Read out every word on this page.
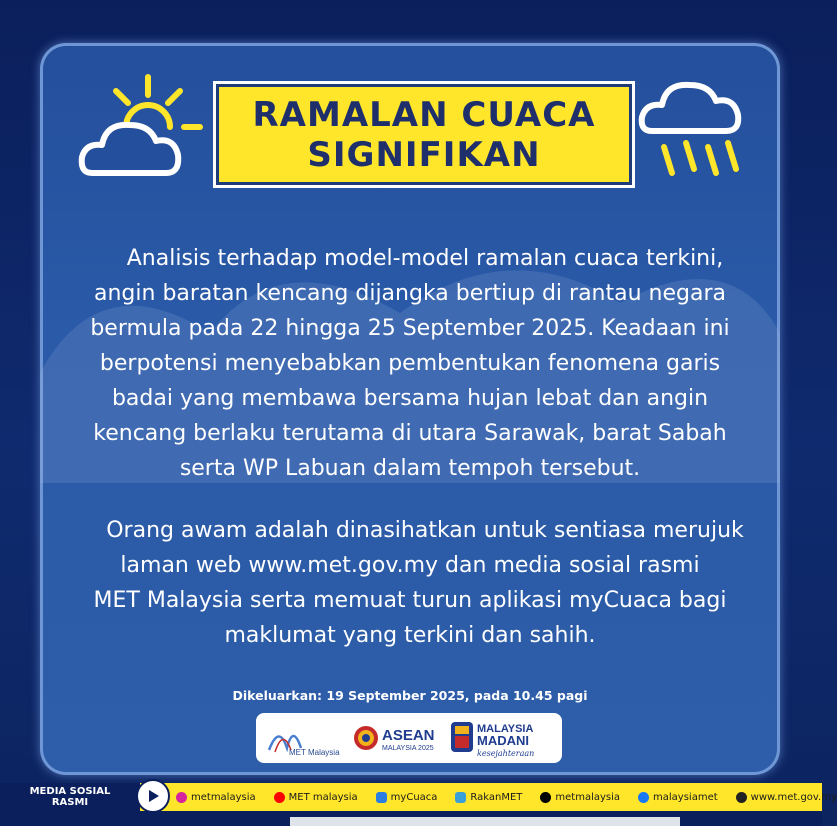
RAMALAN CUACA
SIGNIFIKAN
Analisis terhadap model-model ramalan cuaca terkini,
angin baratan kencang dijangka bertiup di rantau negara
bermula pada 22 hingga 25 September 2025. Keadaan ini
berpotensi menyebabkan pembentukan fenomena garis
badai yang membawa bersama hujan lebat dan angin
kencang berlaku terutama di utara Sarawak, barat Sabah
serta WP Labuan dalam tempoh tersebut.
Orang awam adalah dinasihatkan untuk sentiasa merujuk
laman web www.met.gov.my dan media sosial rasmi
MET Malaysia serta memuat turun aplikasi myCuaca bagi
maklumat yang terkini dan sahih.
Dikeluarkan: 19 September 2025, pada 10.45 pagi
MET Malaysia
ASEAN
MALAYSIA 2025
MALAYSIA
MADANI
kesejahteraan
MEDIA SOSIAL
RASMI	metmalaysia	MET malaysia	myCuaca	RakanMET	metmalaysia	malaysiamet	www.met.gov.my
